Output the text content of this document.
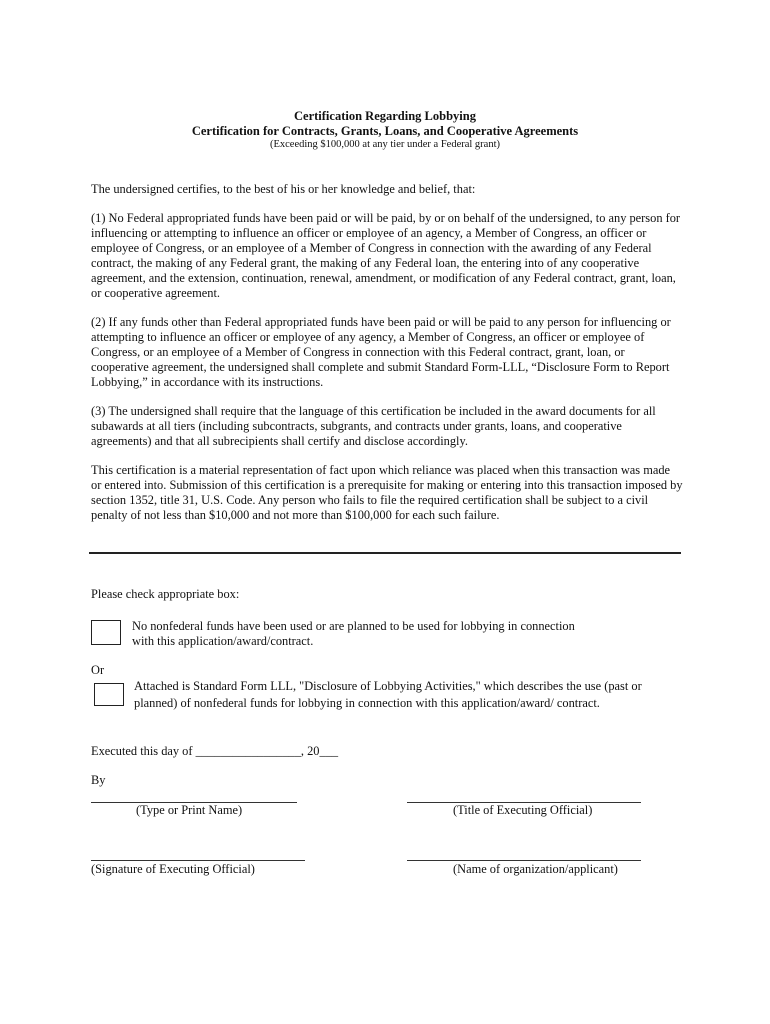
Certification Regarding Lobbying
Certification for Contracts, Grants, Loans, and Cooperative Agreements
(Exceeding $100,000 at any tier under a Federal grant)

The undersigned certifies, to the best of his or her knowledge and belief, that:

(1) No Federal appropriated funds have been paid or will be paid, by or on behalf of the undersigned, to any person for influencing or attempting to influence an officer or employee of an agency, a Member of Congress, an officer or employee of Congress, or an employee of a Member of Congress in connection with the awarding of any Federal contract, the making of any Federal grant, the making of any Federal loan, the entering into of any cooperative agreement, and the extension, continuation, renewal, amendment, or modification of any Federal contract, grant, loan, or cooperative agreement.

(2) If any funds other than Federal appropriated funds have been paid or will be paid to any person for influencing or attempting to influence an officer or employee of any agency, a Member of Congress, an officer or employee of Congress, or an employee of a Member of Congress in connection with this Federal contract, grant, loan, or cooperative agreement, the undersigned shall complete and submit Standard Form-LLL, “Disclosure Form to Report Lobbying,” in accordance with its instructions.

(3) The undersigned shall require that the language of this certification be included in the award documents for all subawards at all tiers (including subcontracts, subgrants, and contracts under grants, loans, and cooperative agreements) and that all subrecipients shall certify and disclose accordingly.

This certification is a material representation of fact upon which reliance was placed when this transaction was made or entered into. Submission of this certification is a prerequisite for making or entering into this transaction imposed by section 1352, title 31, U.S. Code. Any person who fails to file the required certification shall be subject to a civil penalty of not less than $10,000 and not more than $100,000 for each such failure.

Please check appropriate box:
No nonfederal funds have been used or are planned to be used for lobbying in connection
with this application/award/contract.
Or
Attached is Standard Form LLL, "Disclosure of Lobbying Activities," which describes the use (past or
planned) of nonfederal funds for lobbying in connection with this application/award/ contract.
Executed this day of _________________, 20___
By
(Type or Print Name)	(Title of Executing Official)
(Signature of Executing Official)	(Name of organization/applicant)
